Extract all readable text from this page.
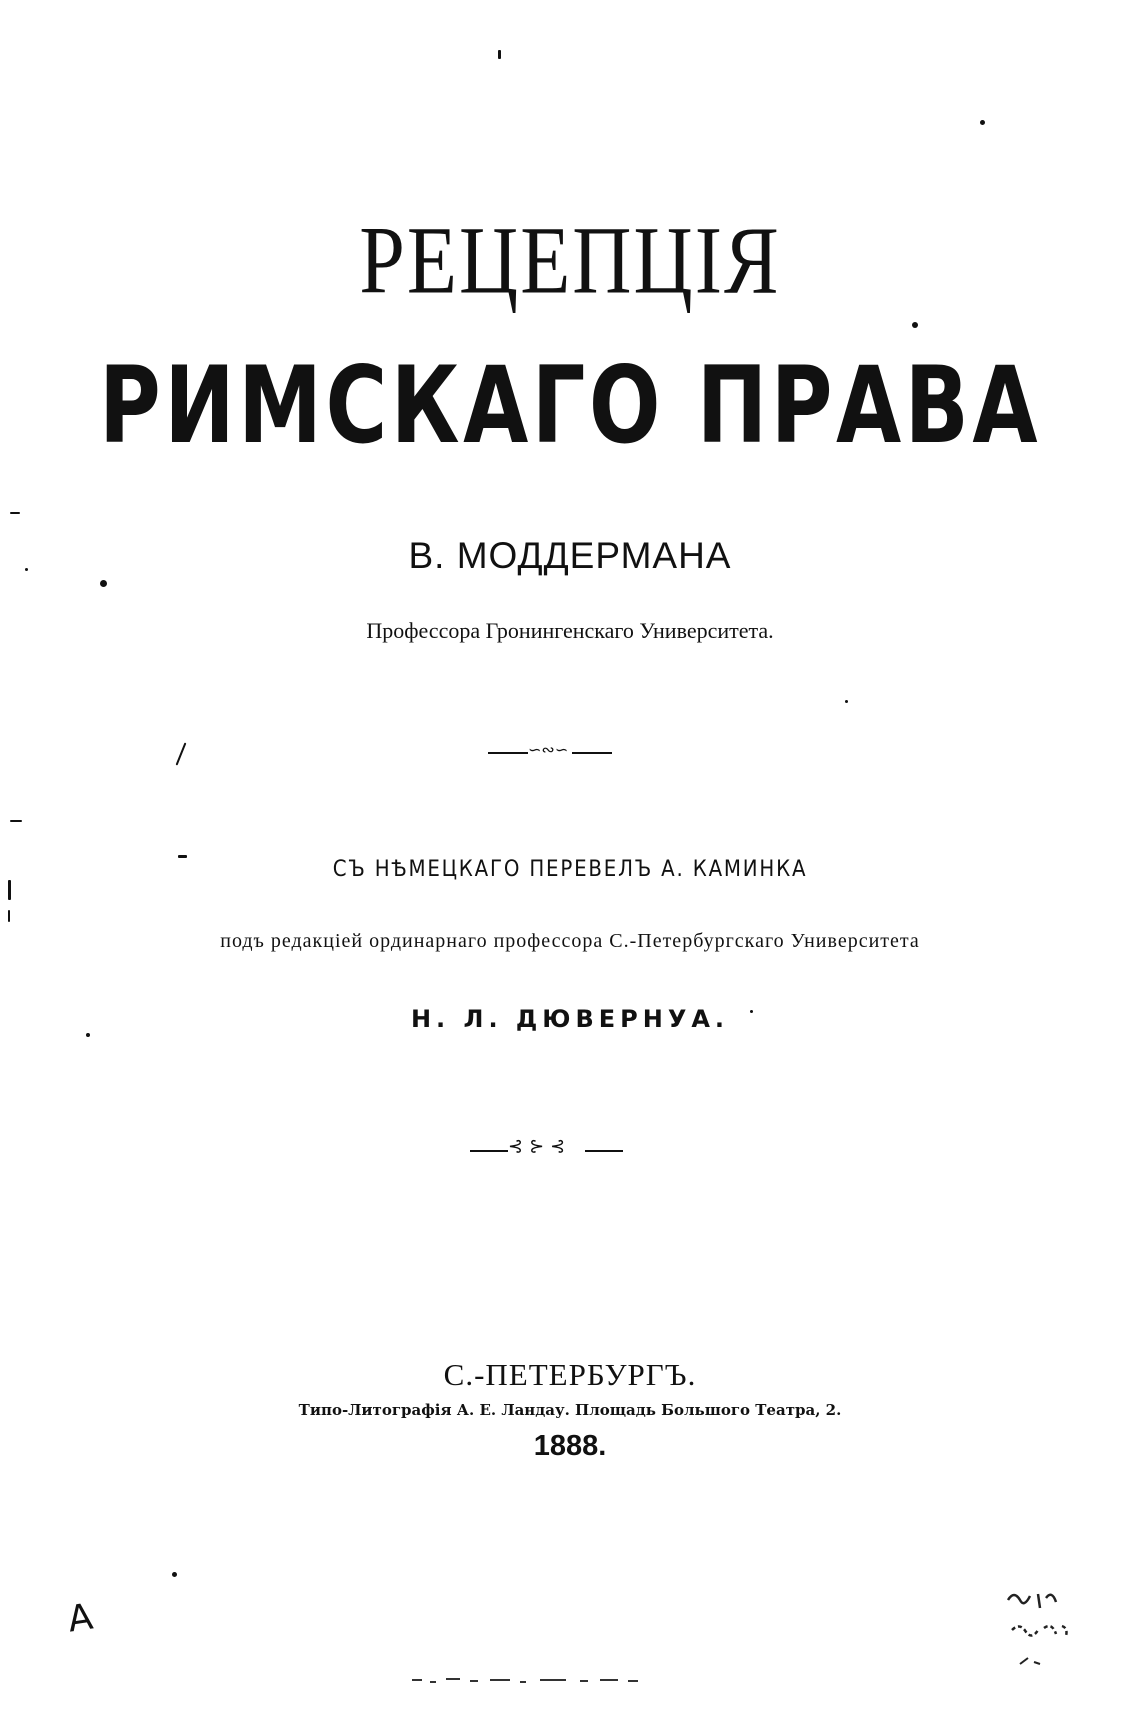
РЕЦЕПЦІЯ
РИМСКАГО ПРАВА
В. МОДДЕРМАНА
Профессора Гронингенскаго Университета.
∽∾∽
СЪ НѢМЕЦКАГО ПЕРЕВЕЛЪ А. КАМИНКА
подъ редакціей ординарнаго профессора С.-Петербургскаго Университета
Н. Л. ДЮВЕРНУА.
⊰⊱⊰
С.-ПЕТЕРБУРГЪ.
Типо-Литографія А. Е. Ландау. Площадь Большого Театра, 2.
1888.
A
